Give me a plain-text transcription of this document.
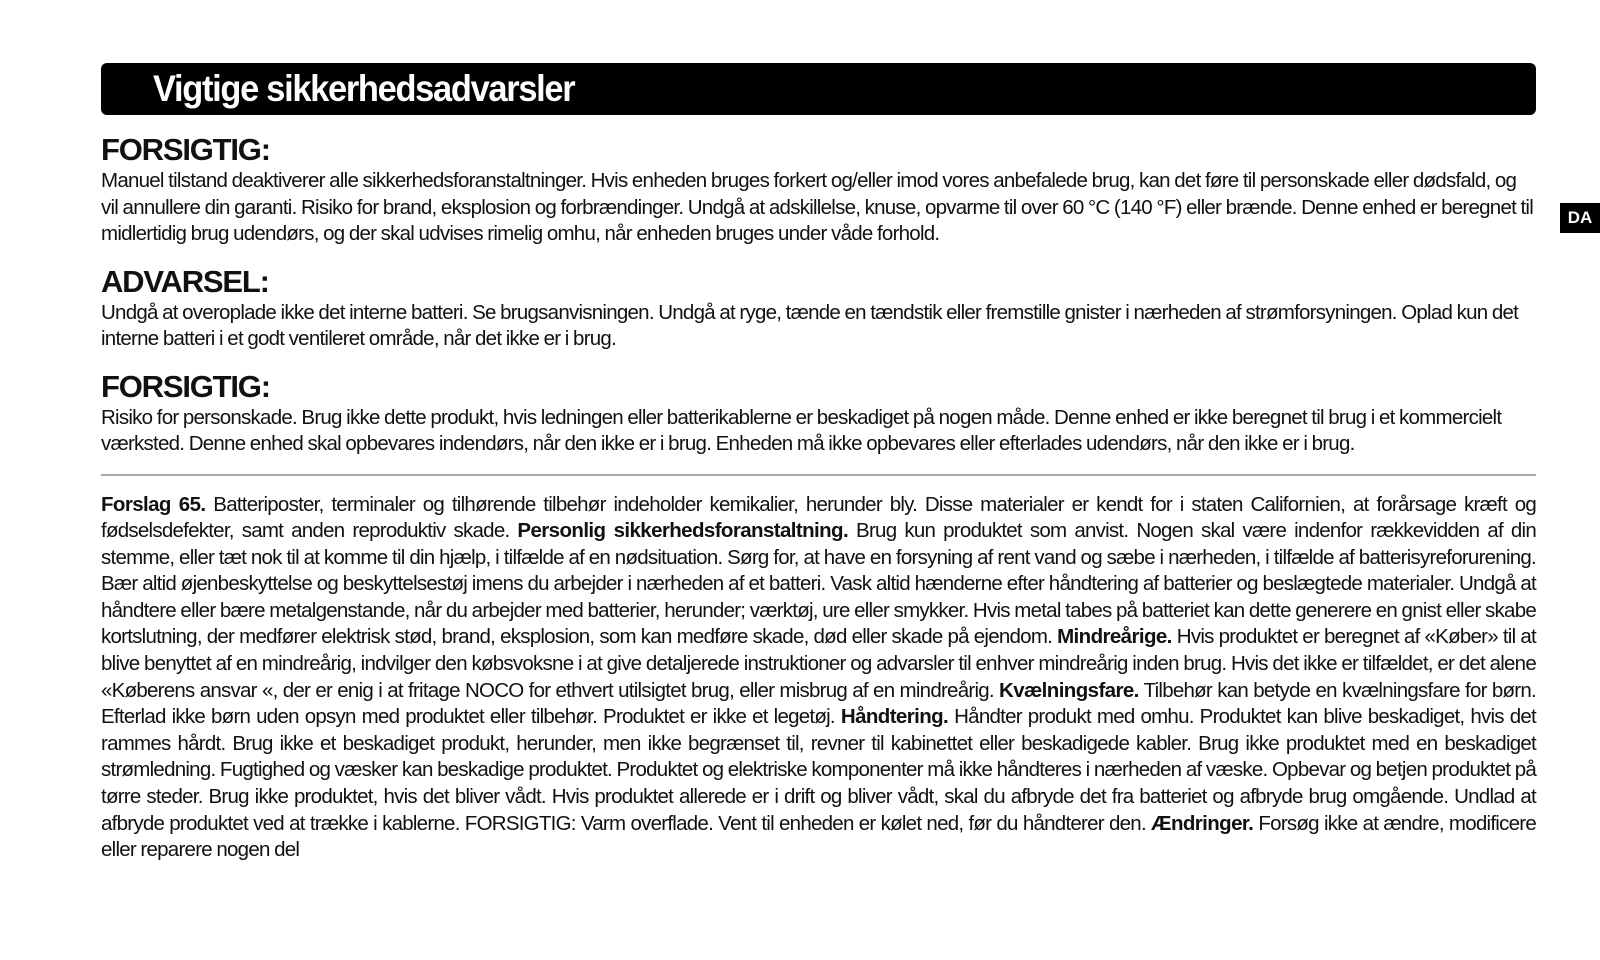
Vigtige sikkerhedsadvarsler
DA
FORSIGTIG:

Manuel tilstand deaktiverer alle sikkerhedsforanstaltninger. Hvis enheden bruges forkert og/eller imod vores anbefalede brug, kan det føre til personskade eller dødsfald, og vil annullere din garanti. Risiko for brand, eksplosion og forbrændinger. Undgå at adskillelse, knuse, opvarme til over 60 °C (140 °F) eller brænde. Denne enhed er beregnet til midlertidig brug udendørs, og der skal udvises rimelig omhu, når enheden bruges under våde forhold.

ADVARSEL:

Undgå at overoplade ikke det interne batteri. Se brugsanvisningen. Undgå at ryge, tænde en tændstik eller fremstille gnister i nærheden af strømforsyningen. Oplad kun det interne batteri i et godt ventileret område, når det ikke er i brug.

FORSIGTIG:

Risiko for personskade. Brug ikke dette produkt, hvis ledningen eller batterikablerne er beskadiget på nogen måde. Denne enhed er ikke beregnet til brug i et kommercielt værksted. Denne enhed skal opbevares indendørs, når den ikke er i brug. Enheden må ikke opbevares eller efterlades udendørs, når den ikke er i brug.

Forslag 65. Batteriposter, terminaler og tilhørende tilbehør indeholder kemikalier, herunder bly. Disse materialer er kendt for i staten Californien, at forårsage kræft og fødselsdefekter, samt anden reproduktiv skade. Personlig sikkerhedsforanstaltning. Brug kun produktet som anvist. Nogen skal være indenfor rækkevidden af din stemme, eller tæt nok til at komme til din hjælp, i tilfælde af en nødsituation. Sørg for, at have en forsyning af rent vand og sæbe i nærheden, i tilfælde af batterisyreforurening. Bær altid øjenbeskyttelse og beskyttelsestøj imens du arbejder i nærheden af et batteri. Vask altid hænderne efter håndtering af batterier og beslægtede materialer. Undgå at håndtere eller bære metalgenstande, når du arbejder med batterier, herunder; værktøj, ure eller smykker. Hvis metal tabes på batteriet kan dette generere en gnist eller skabe kortslutning, der medfører elektrisk stød, brand, eksplosion, som kan medføre skade, død eller skade på ejendom. Mindreårige. Hvis produktet er beregnet af «Køber» til at blive benyttet af en mindreårig, indvilger den købsvoksne i at give detaljerede instruktioner og advarsler til enhver mindreårig inden brug. Hvis det ikke er tilfældet, er det alene «Køberens ansvar «, der er enig i at fritage NOCO for ethvert utilsigtet brug, eller misbrug af en mindreårig. Kvælningsfare. Tilbehør kan betyde en kvælningsfare for børn. Efterlad ikke børn uden opsyn med produktet eller tilbehør. Produktet er ikke et legetøj. Håndtering. Håndter produkt med omhu. Produktet kan blive beskadiget, hvis det rammes hårdt. Brug ikke et beskadiget produkt, herunder, men ikke begrænset til, revner til kabinettet eller beskadigede kabler. Brug ikke produktet med en beskadiget strømledning. Fugtighed og væsker kan beskadige produktet. Produktet og elektriske komponenter må ikke håndteres i nærheden af væske. Opbevar og betjen produktet på tørre steder. Brug ikke produktet, hvis det bliver vådt. Hvis produktet allerede er i drift og bliver vådt, skal du afbryde det fra batteriet og afbryde brug omgående. Undlad at afbryde produktet ved at trække i kablerne. FORSIGTIG: Varm overflade. Vent til enheden er kølet ned, før du håndterer den. Ændringer. Forsøg ikke at ændre, modificere eller reparere nogen del
